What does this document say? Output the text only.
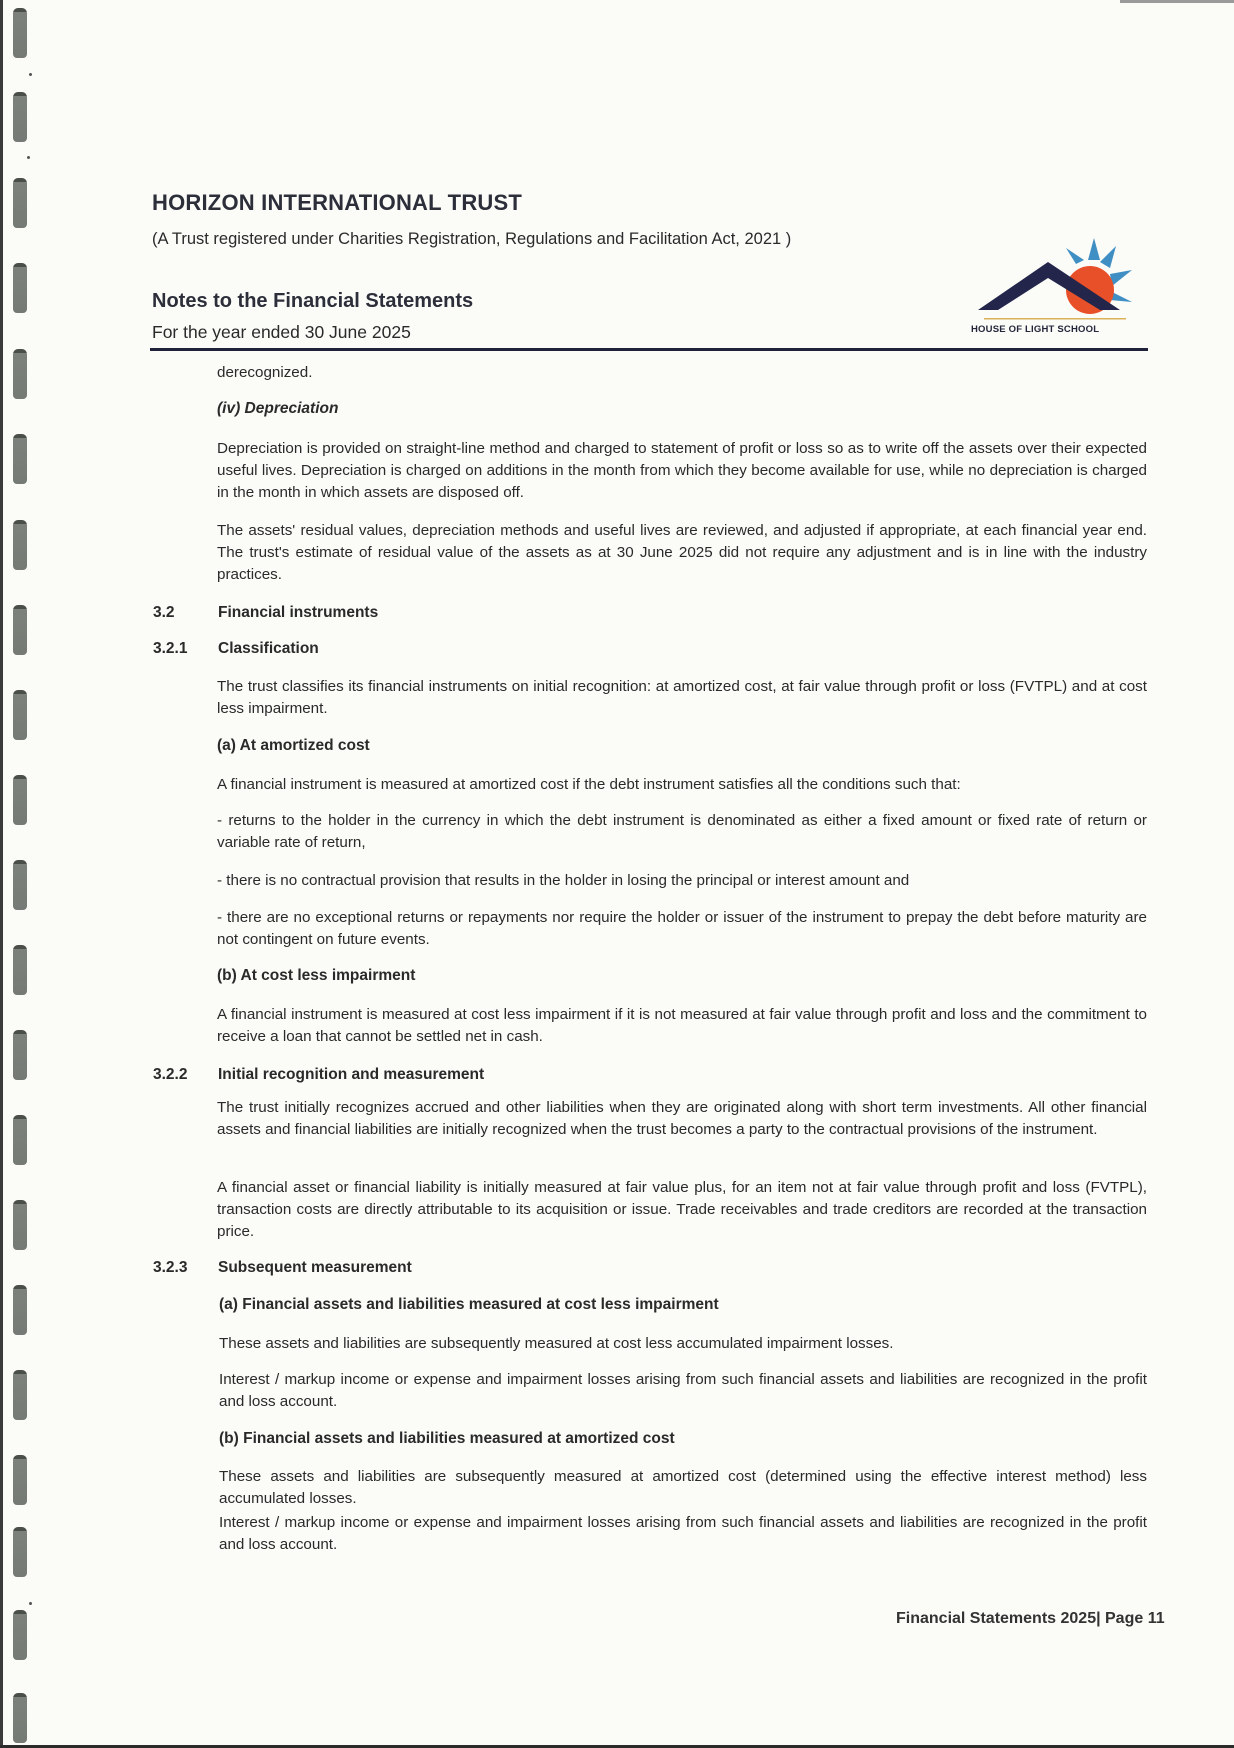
HORIZON INTERNATIONAL TRUST
(A Trust registered under Charities Registration, Regulations and Facilitation Act, 2021 )
Notes to the Financial Statements
For the year ended 30 June 2025	HOUSE OF LIGHT SCHOOL
derecognized.
(iv) Depreciation
Depreciation is provided on straight-line method and charged to statement of profit or loss so as to write off the assets over their expected useful lives. Depreciation is charged on additions in the month from which they become available for use, while no depreciation is charged in the month in which assets are disposed off.
The assets' residual values, depreciation methods and useful lives are reviewed, and adjusted if appropriate, at each financial year end. The trust's estimate of residual value of the assets as at 30 June 2025 did not require any adjustment and is in line with the industry practices.
3.2	Financial instruments
3.2.1 Classification
The trust classifies its financial instruments on initial recognition: at amortized cost, at fair value through profit or loss (FVTPL) and at cost less impairment.
(a) At amortized cost
A financial instrument is measured at amortized cost if the debt instrument satisfies all the conditions such that:
- returns to the holder in the currency in which the debt instrument is denominated as either a fixed amount or fixed rate of return or variable rate of return,
- there is no contractual provision that results in the holder in losing the principal or interest amount and
- there are no exceptional returns or repayments nor require the holder or issuer of the instrument to prepay the debt before maturity are not contingent on future events.
(b) At cost less impairment
A financial instrument is measured at cost less impairment if it is not measured at fair value through profit and loss and the commitment to receive a loan that cannot be settled net in cash.
3.2.2 Initial recognition and measurement
The trust initially recognizes accrued and other liabilities when they are originated along with short term investments. All other financial assets and financial liabilities are initially recognized when the trust becomes a party to the contractual provisions of the instrument.
A financial asset or financial liability is initially measured at fair value plus, for an item not at fair value through profit and loss (FVTPL), transaction costs are directly attributable to its acquisition or issue. Trade receivables and trade creditors are recorded at the transaction price.
3.2.3 Subsequent measurement
(a) Financial assets and liabilities measured at cost less impairment
These assets and liabilities are subsequently measured at cost less accumulated impairment losses.
Interest / markup income or expense and impairment losses arising from such financial assets and liabilities are recognized in the profit and loss account.
(b) Financial assets and liabilities measured at amortized cost
These assets and liabilities are subsequently measured at amortized cost (determined using the effective interest method) less accumulated losses.
Interest / markup income or expense and impairment losses arising from such financial assets and liabilities are recognized in the profit and loss account.
Financial Statements 2025| Page 11
